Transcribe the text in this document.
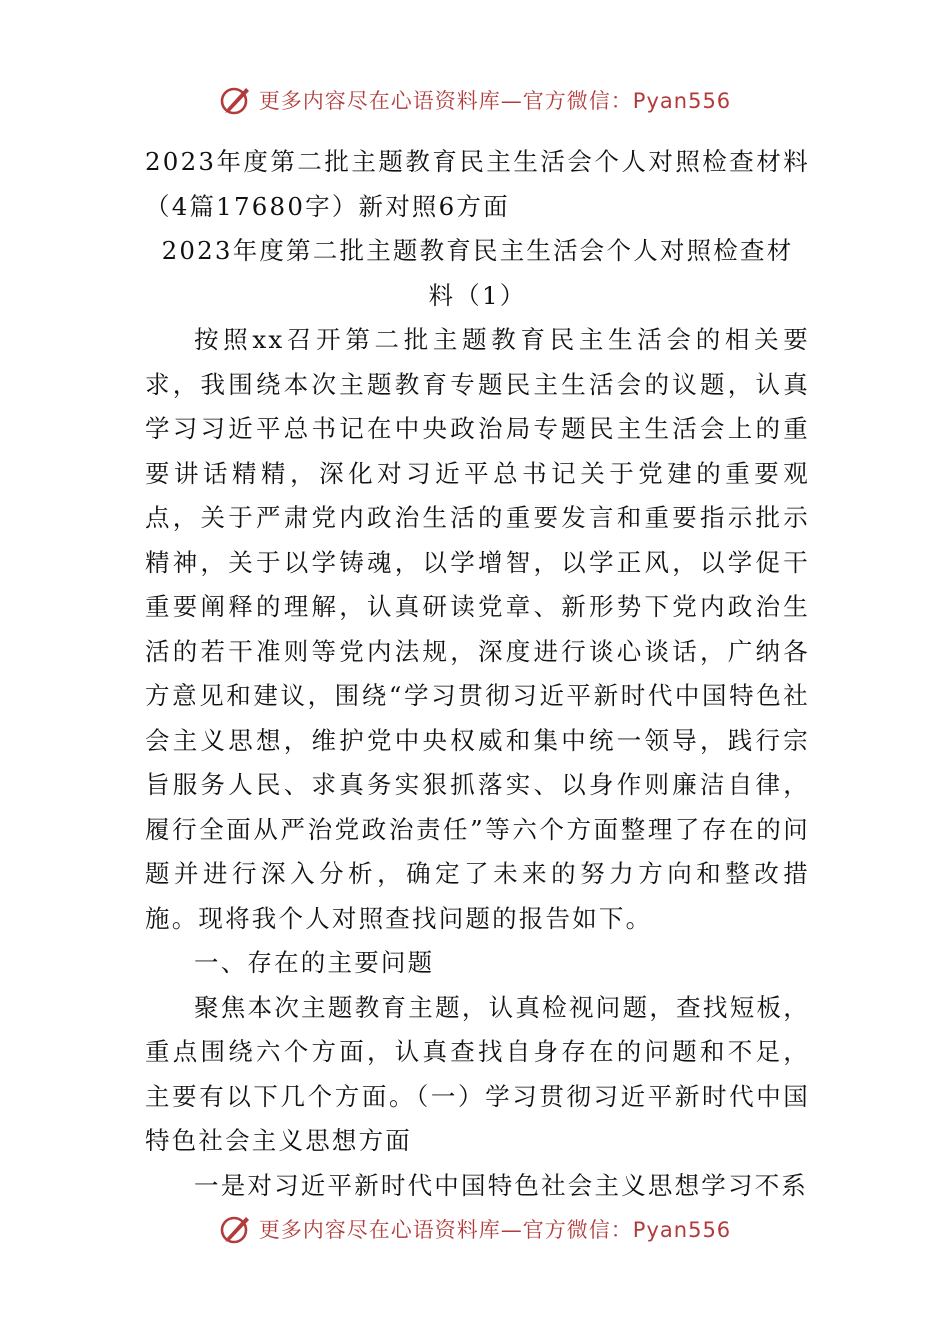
更多内容尽在心语资料库—官方微信：Pyan556

2023年度第二批主题教育民主生活会个人对照检查材料（4篇17680字）新对照6方面

2023年度第二批主题教育民主生活会个人对照检查材料（1）

按照xx召开第二批主题教育民主生活会的相关要求，我围绕本次主题教育专题民主生活会的议题，认真学习习近平总书记在中央政治局专题民主生活会上的重要讲话精精，深化对习近平总书记关于党建的重要观点，关于严肃党内政治生活的重要发言和重要指示批示精神，关于以学铸魂，以学增智，以学正风，以学促干重要阐释的理解，认真研读党章、新形势下党内政治生活的若干准则等党内法规，深度进行谈心谈话，广纳各方意见和建议，围绕“学习贯彻习近平新时代中国特色社会主义思想，维护党中央权威和集中统一领导，践行宗旨服务人民、求真务实狠抓落实、以身作则廉洁自律，履行全面从严治党政治责任”等六个方面整理了存在的问题并进行深入分析，确定了未来的努力方向和整改措施。现将我个人对照查找问题的报告如下。

一、存在的主要问题

聚焦本次主题教育主题，认真检视问题，查找短板，重点围绕六个方面，认真查找自身存在的问题和不足，主要有以下几个方面。（一）学习贯彻习近平新时代中国特色社会主义思想方面

一是对习近平新时代中国特色社会主义思想学习不系

更多内容尽在心语资料库—官方微信：Pyan556
